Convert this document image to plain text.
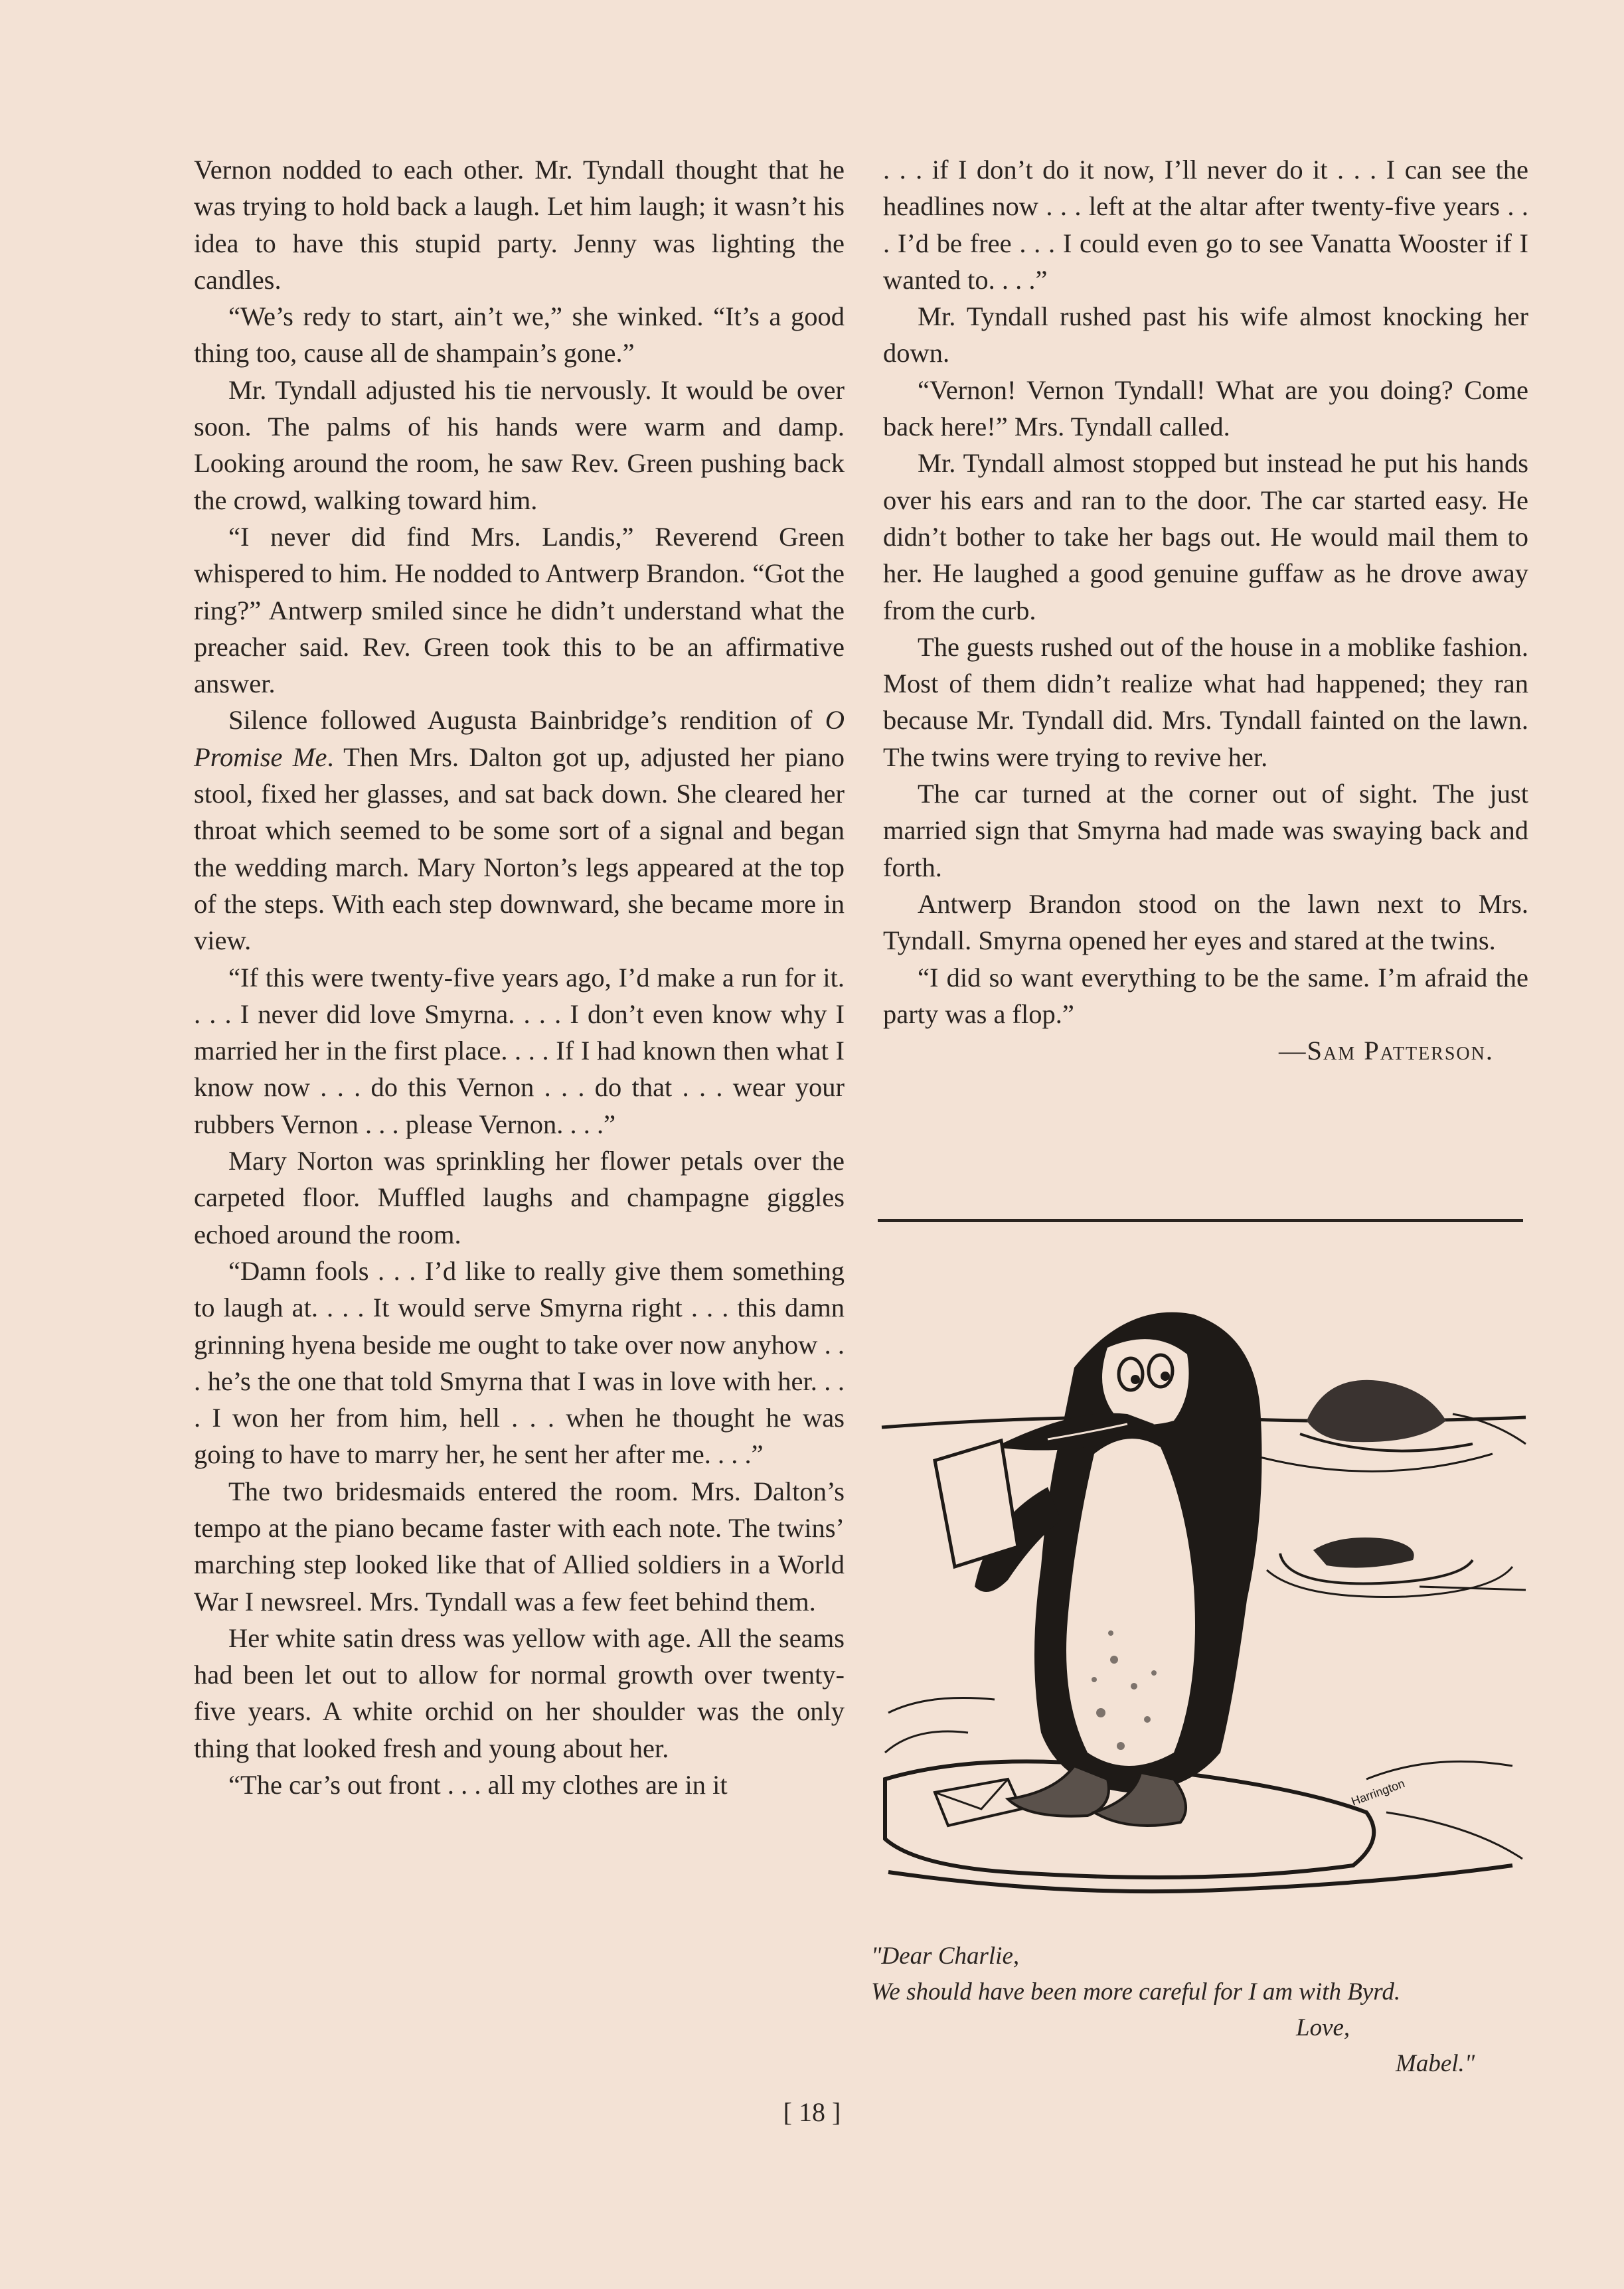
Vernon nodded to each other. Mr. Tyndall thought that he was trying to hold back a laugh. Let him laugh; it wasn’t his idea to have this stupid party. Jenny was lighting the candles.

“We’s redy to start, ain’t we,” she winked. “It’s a good thing too, cause all de shampain’s gone.”

Mr. Tyndall adjusted his tie nervously. It would be over soon. The palms of his hands were warm and damp. Looking around the room, he saw Rev. Green pushing back the crowd, walking toward him.

“I never did find Mrs. Landis,” Reverend Green whispered to him. He nodded to Antwerp Brandon. “Got the ring?” Antwerp smiled since he didn’t understand what the preacher said. Rev. Green took this to be an affirmative answer.

Silence followed Augusta Bainbridge’s rendition of O Promise Me. Then Mrs. Dalton got up, adjusted her piano stool, fixed her glasses, and sat back down. She cleared her throat which seemed to be some sort of a signal and began the wedding march. Mary Norton’s legs appeared at the top of the steps. With each step downward, she became more in view.

“If this were twenty-five years ago, I’d make a run for it. . . . I never did love Smyrna. . . . I don’t even know why I married her in the first place. . . . If I had known then what I know now . . . do this Vernon . . . do that . . . wear your rubbers Vernon . . . please Vernon. . . .”

Mary Norton was sprinkling her flower petals over the carpeted floor. Muffled laughs and champagne giggles echoed around the room.

“Damn fools . . . I’d like to really give them something to laugh at. . . . It would serve Smyrna right . . . this damn grinning hyena beside me ought to take over now anyhow . . . he’s the one that told Smyrna that I was in love with her. . . . I won her from him, hell . . . when he thought he was going to have to marry her, he sent her after me. . . .”

The two bridesmaids entered the room. Mrs. Dalton’s tempo at the piano became faster with each note. The twins’ marching step looked like that of Allied soldiers in a World War I newsreel. Mrs. Tyndall was a few feet behind them.

Her white satin dress was yellow with age. All the seams had been let out to allow for normal growth over twenty-five years. A white orchid on her shoulder was the only thing that looked fresh and young about her.

“The car’s out front . . . all my clothes are in it

. . . if I don’t do it now, I’ll never do it . . . I can see the headlines now . . . left at the altar after twenty-five years . . . I’d be free . . . I could even go to see Vanatta Wooster if I wanted to. . . .”

Mr. Tyndall rushed past his wife almost knocking her down.

“Vernon! Vernon Tyndall! What are you doing? Come back here!” Mrs. Tyndall called.

Mr. Tyndall almost stopped but instead he put his hands over his ears and ran to the door. The car started easy. He didn’t bother to take her bags out. He would mail them to her. He laughed a good genuine guffaw as he drove away from the curb.

The guests rushed out of the house in a moblike fashion. Most of them didn’t realize what had happened; they ran because Mr. Tyndall did. Mrs. Tyndall fainted on the lawn. The twins were trying to revive her.

The car turned at the corner out of sight. The just married sign that Smyrna had made was swaying back and forth.

Antwerp Brandon stood on the lawn next to Mrs. Tyndall. Smyrna opened her eyes and stared at the twins.

“I did so want everything to be the same. I’m afraid the party was a flop.”

—Sam Patterson.

Harrington
"Dear Charlie,
We should have been more careful for I am with Byrd.
Love,
Mabel."
[ 18 ]
